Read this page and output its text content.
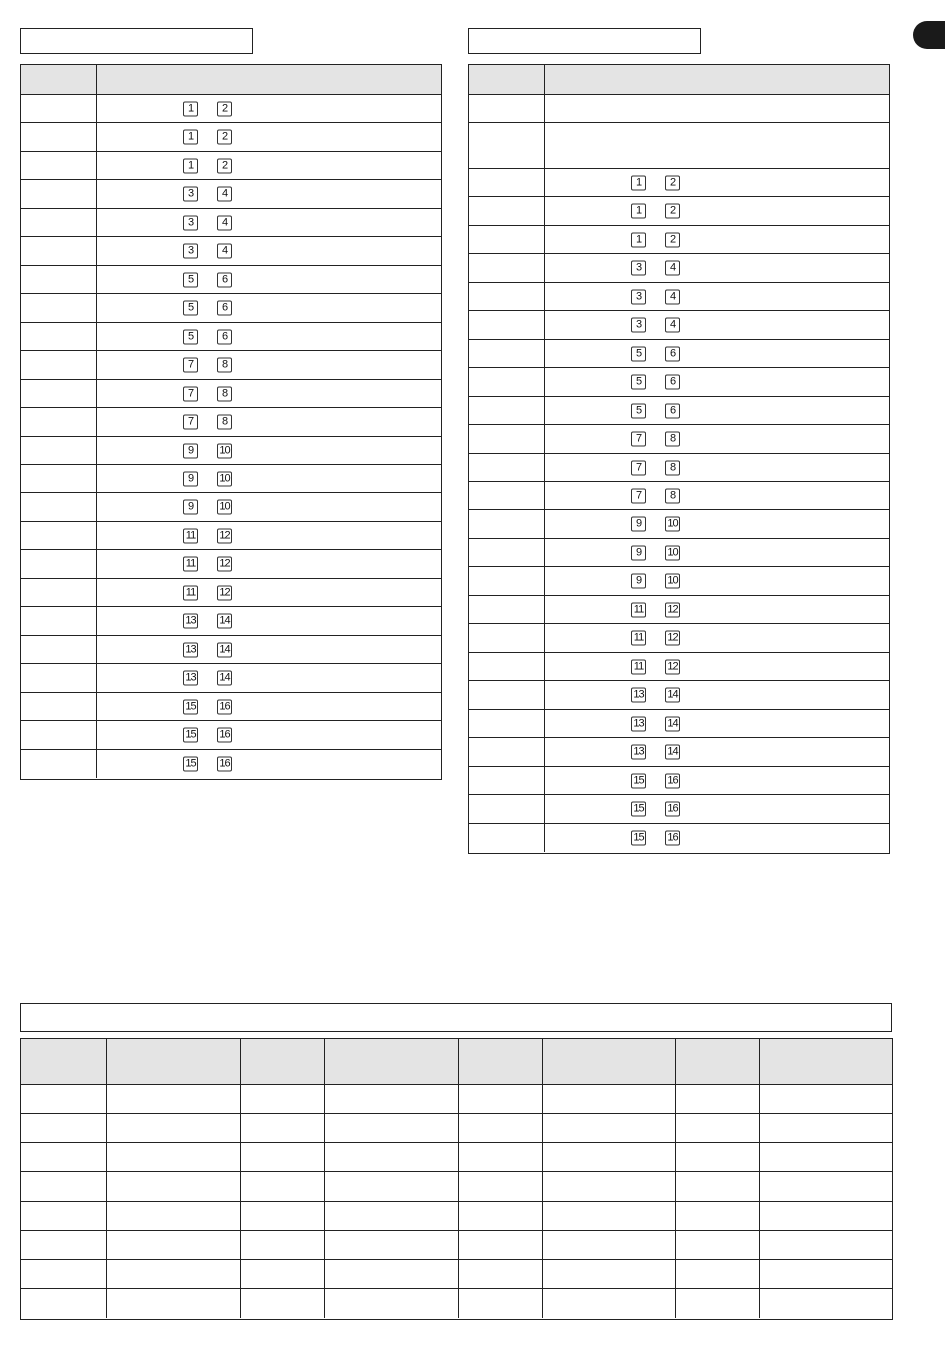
1	2
1	2
1	2
3	4
3	4
3	4
5	6
5	6
5	6
7	8
7	8
7	8
9	10
9	10
9	10
11 12
11 12
11 12
13 14
13 14
13 14
15 16
15 16
15 16
1	2
1	2
1	2
3	4
3	4
3	4
5	6
5	6
5	6
7	8
7	8
7	8
9	10
9	10
9	10
11 12
11 12
11 12
13 14
13 14
13 14
15 16
15 16
15 16
